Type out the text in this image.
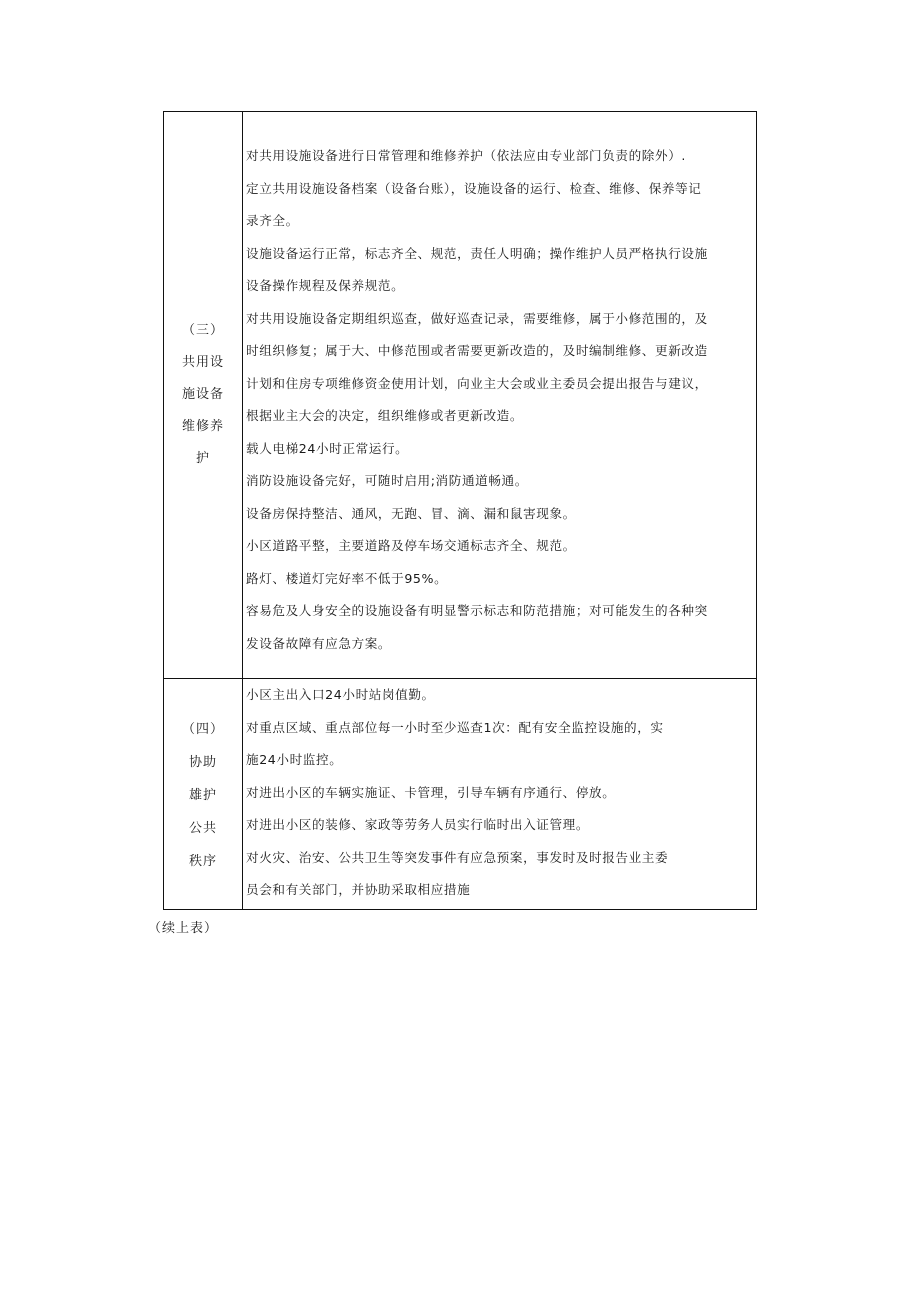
（三）
共用设
施设备
维修养
护
对共用设施设备进行日常管理和维修养护（依法应由专业部门负责的除外）.
定立共用设施设备档案（设备台账），设施设备的运行、检查、维修、保养等记
录齐全。
设施设备运行正常，标志齐全、规范，责任人明确；操作维护人员严格执行设施
设备操作规程及保养规范。
对共用设施设备定期组织巡查，做好巡查记录，需要维修，属于小修范围的，及
时组织修复；属于大、中修范围或者需要更新改造的，及时编制维修、更新改造
计划和住房专项维修资金使用计划，向业主大会或业主委员会提出报告与建议，
根据业主大会的决定，组织维修或者更新改造。
载人电梯24小时正常运行。
消防设施设备完好，可随时启用;消防通道畅通。
设备房保持整洁、通风，无跑、冒、滴、漏和鼠害现象。
小区道路平整，主要道路及停车场交通标志齐全、规范。
路灯、楼道灯完好率不低于95%。
容易危及人身安全的设施设备有明显警示标志和防范措施；对可能发生的各种突
发设备故障有应急方案。
（四）
协助
雄护
公共
秩序
小区主出入口24小时站岗值勤。
对重点区域、重点部位每一小时至少巡查1次：配有安全监控设施的，实
施24小时监控。
对进出小区的车辆实施证、卡管理，引导车辆有序通行、停放。
对进出小区的装修、家政等劳务人员实行临时出入证管理。
对火灾、治安、公共卫生等突发事件有应急预案，事发时及时报告业主委
员会和有关部门，并协助采取相应措施
（续上表）
